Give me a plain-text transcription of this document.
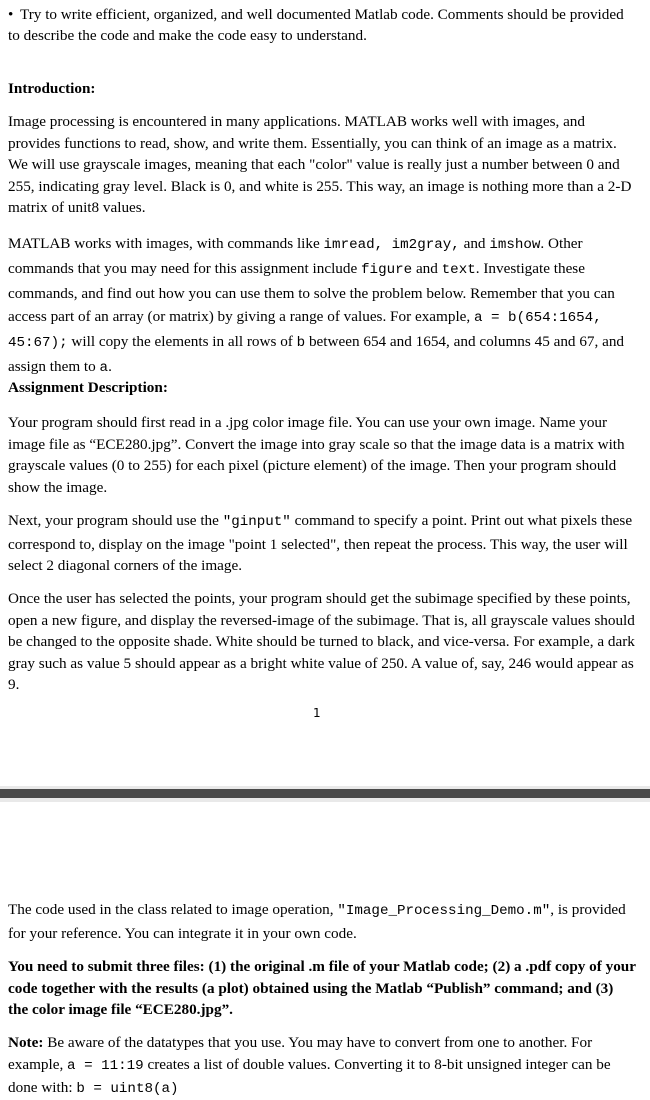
• Try to write efficient, organized, and well documented Matlab code. Comments should be provided to describe the code and make the code easy to understand.
Introduction:

Image processing is encountered in many applications. MATLAB works well with images, and provides functions to read, show, and write them. Essentially, you can think of an image as a matrix. We will use grayscale images, meaning that each "color" value is really just a number between 0 and 255, indicating gray level. Black is 0, and white is 255. This way, an image is nothing more than a 2-D matrix of unit8 values.

MATLAB works with images, with commands like imread, im2gray, and imshow. Other commands that you may need for this assignment include figure and text. Investigate these commands, and find out how you can use them to solve the problem below. Remember that you can access part of an array (or matrix) by giving a range of values. For example, a = b(654:1654, 45:67); will copy the elements in all rows of b between 654 and 1654, and columns 45 and 67, and assign them to a.

Assignment Description:

Your program should first read in a .jpg color image file. You can use your own image. Name your image file as “ECE280.jpg”. Convert the image into gray scale so that the image data is a matrix with grayscale values (0 to 255) for each pixel (picture element) of the image. Then your program should show the image.

Next, your program should use the "ginput" command to specify a point. Print out what pixels these correspond to, display on the image "point 1 selected", then repeat the process. This way, the user will select 2 diagonal corners of the image.

Once the user has selected the points, your program should get the subimage specified by these points, open a new figure, and display the reversed-image of the subimage. That is, all grayscale values should be changed to the opposite shade. White should be turned to black, and vice-versa. For example, a dark gray such as value 5 should appear as a bright white value of 250. A value of, say, 246 would appear as 9.

1

The code used in the class related to image operation, "Image_Processing_Demo.m", is provided for your reference. You can integrate it in your own code.

You need to submit three files: (1) the original .m file of your Matlab code; (2) a .pdf copy of your code together with the results (a plot) obtained using the Matlab “Publish” command; and (3) the color image file “ECE280.jpg”.

Note: Be aware of the datatypes that you use. You may have to convert from one to another. For example, a = 11:19 creates a list of double values. Converting it to 8-bit unsigned integer can be done with: b = uint8(a)
